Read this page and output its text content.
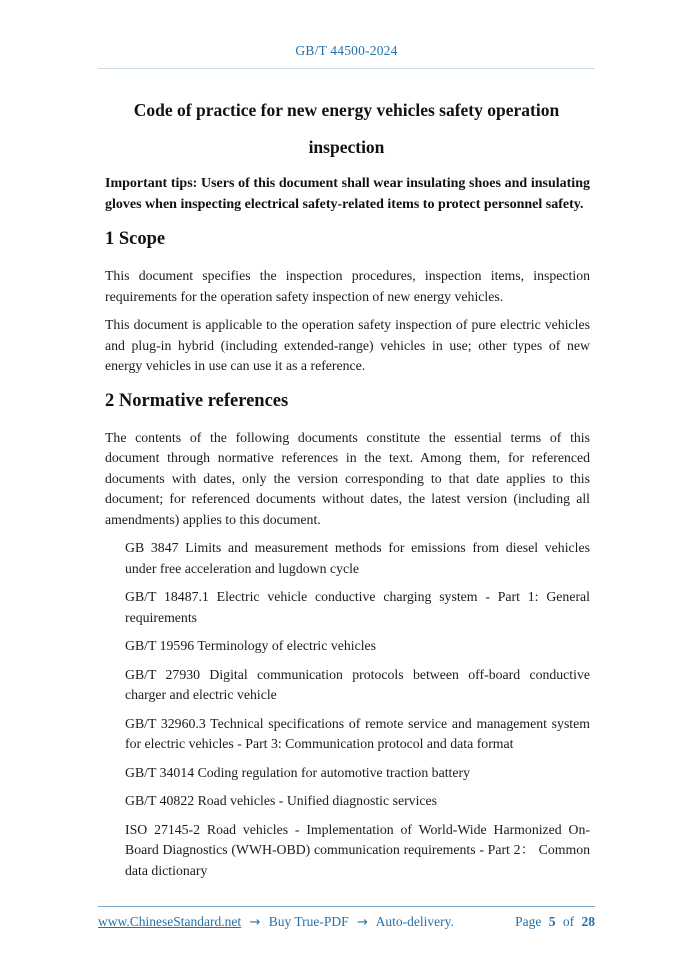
GB/T 44500-2024
Code of practice for new energy vehicles safety operation
inspection

Important tips: Users of this document shall wear insulating shoes and insulating gloves when inspecting electrical safety-related items to protect personnel safety.

1 Scope

This document specifies the inspection procedures, inspection items, inspection requirements for the operation safety inspection of new energy vehicles.

This document is applicable to the operation safety inspection of pure electric vehicles and plug-in hybrid (including extended-range) vehicles in use; other types of new energy vehicles in use can use it as a reference.

2 Normative references

The contents of the following documents constitute the essential terms of this document through normative references in the text. Among them, for referenced documents with dates, only the version corresponding to that date applies to this document; for referenced documents without dates, the latest version (including all amendments) applies to this document.

GB 3847 Limits and measurement methods for emissions from diesel vehicles under free acceleration and lugdown cycle

GB/T 18487.1 Electric vehicle conductive charging system - Part 1: General requirements

GB/T 19596 Terminology of electric vehicles

GB/T 27930 Digital communication protocols between off-board conductive charger and electric vehicle

GB/T 32960.3 Technical specifications of remote service and management system for electric vehicles - Part 3: Communication protocol and data format

GB/T 34014 Coding regulation for automotive traction battery

GB/T 40822 Road vehicles - Unified diagnostic services

ISO 27145-2 Road vehicles - Implementation of World-Wide Harmonized On-Board Diagnostics (WWH-OBD) communication requirements - Part 2： Common data dictionary

www.ChineseStandard.net → Buy True-PDF → Auto-delivery.	Page 5 of 28
